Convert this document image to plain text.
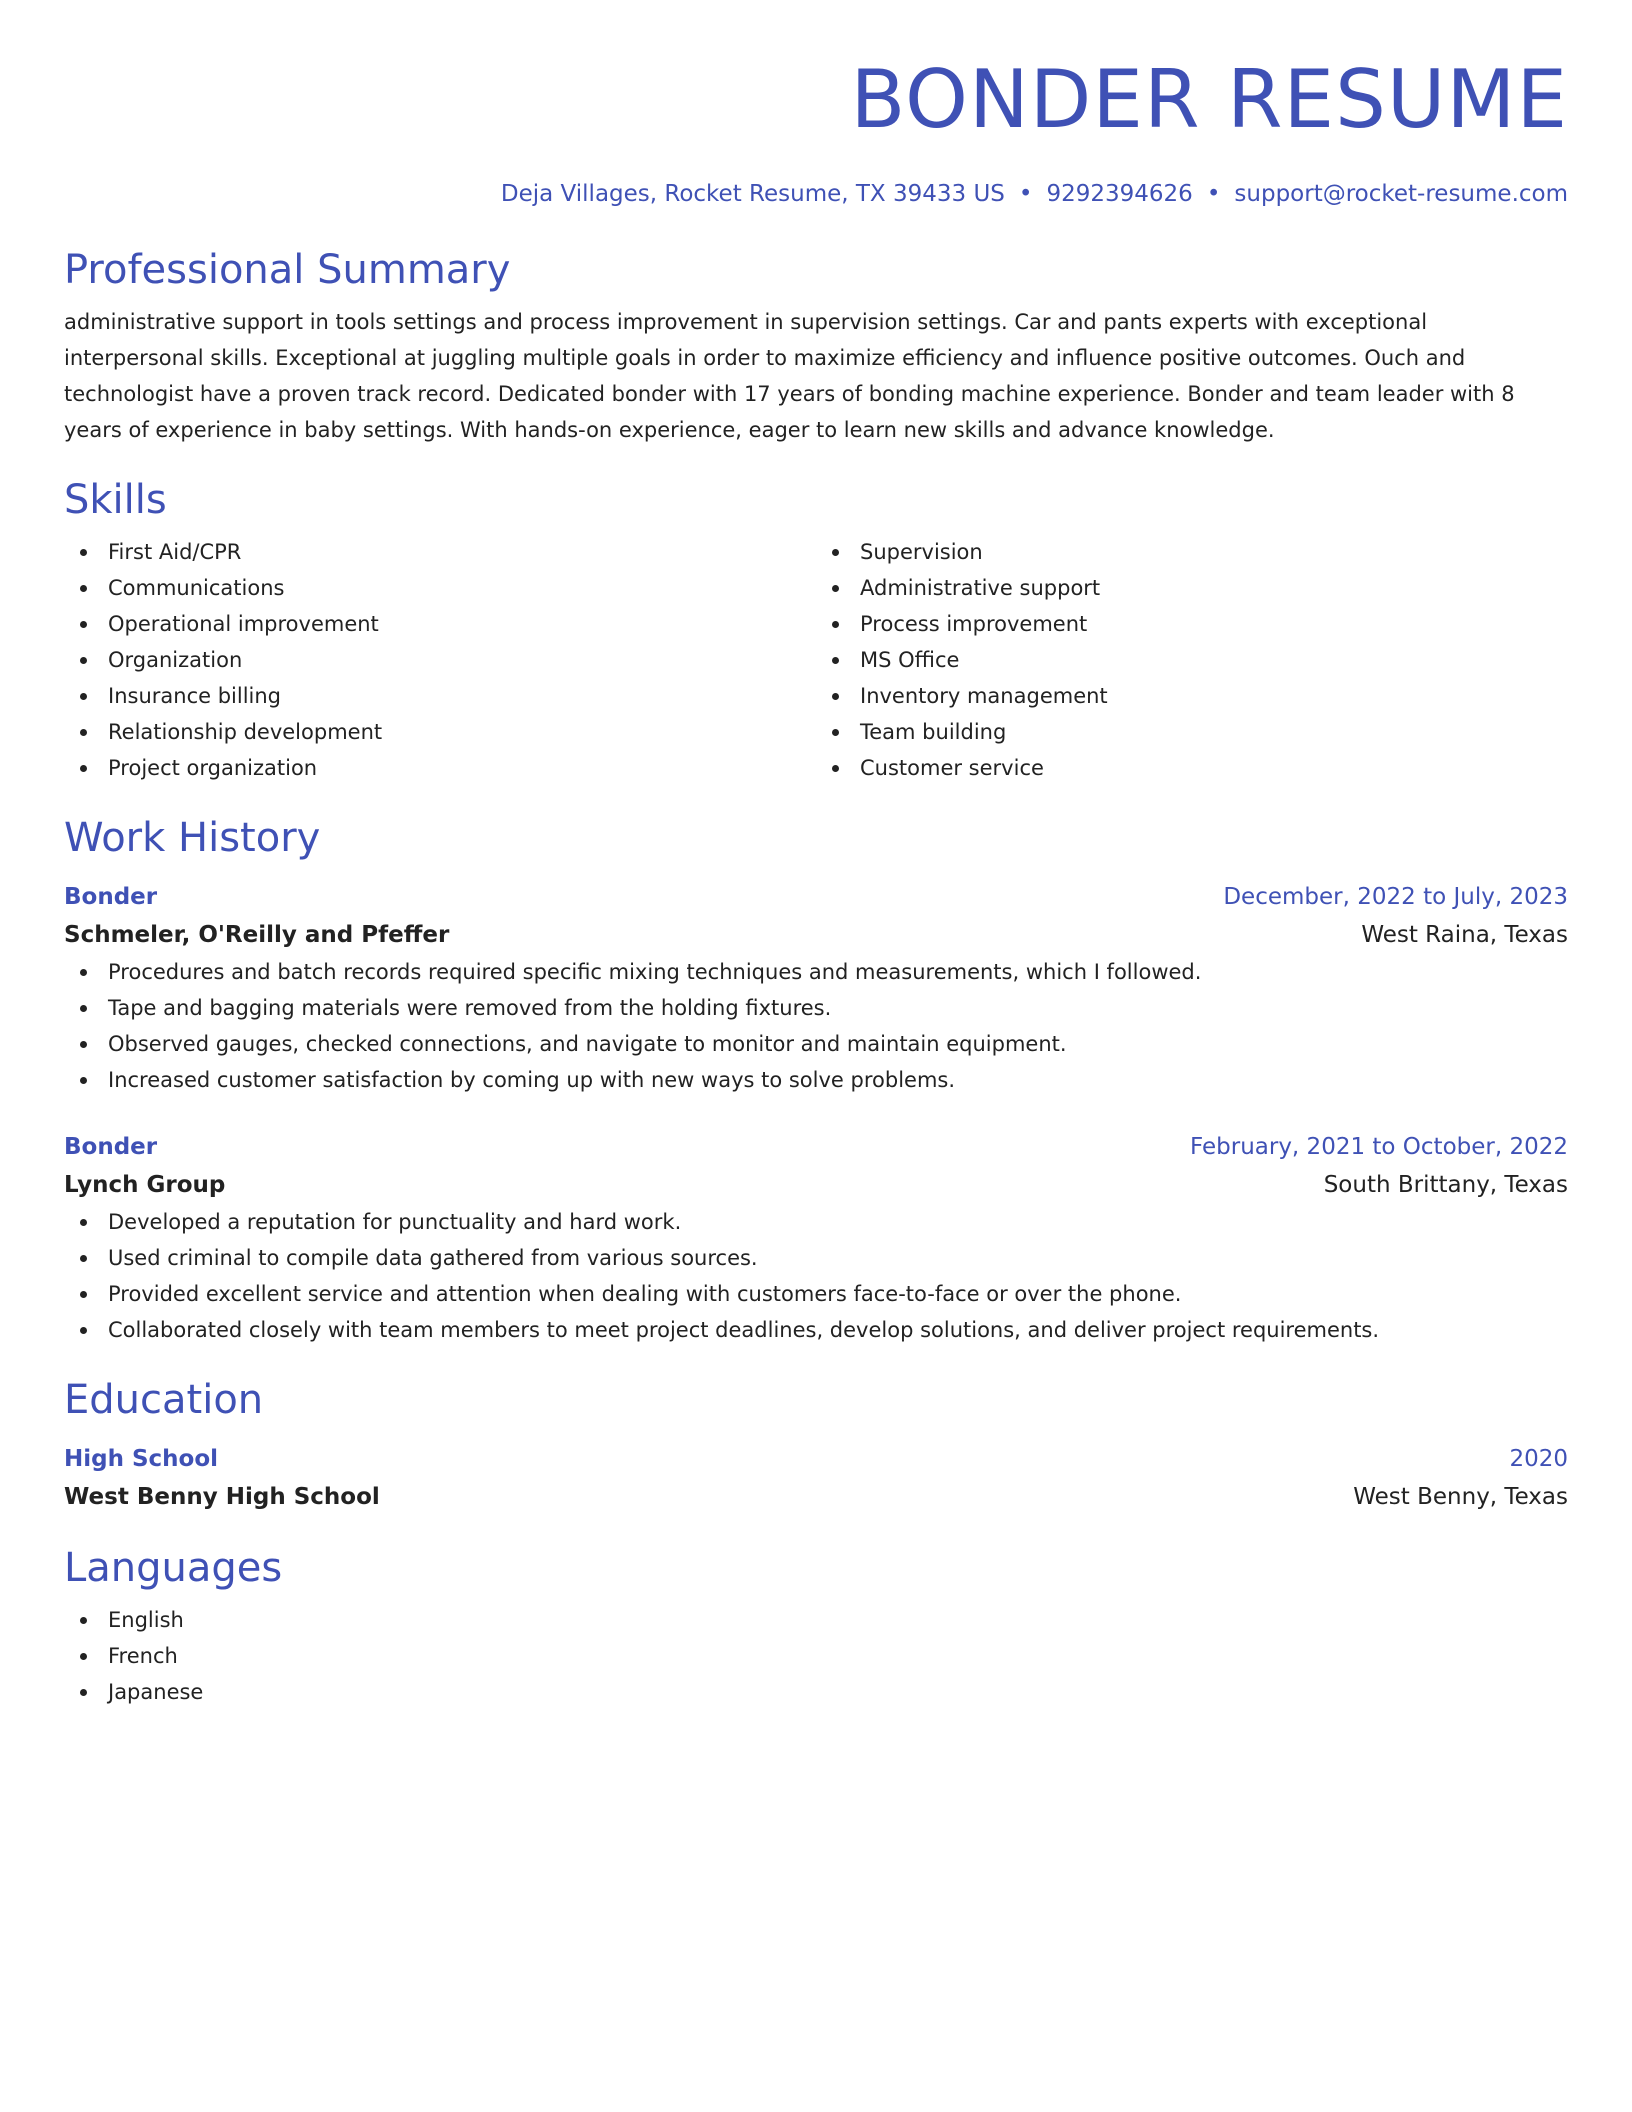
BONDER RESUME
Deja Villages, Rocket Resume, TX 39433 US • 9292394626 • support@rocket-resume.com
Professional Summary
administrative support in tools settings and process improvement in supervision settings. Car and pants experts with exceptional interpersonal skills. Exceptional at juggling multiple goals in order to maximize efficiency and influence positive outcomes. Ouch and technologist have a proven track record. Dedicated bonder with 17 years of bonding machine experience. Bonder and team leader with 8 years of experience in baby settings. With hands-on experience, eager to learn new skills and advance knowledge.
Skills
First Aid/CPR
Communications
Operational improvement
Organization
Insurance billing
Relationship development
Project organization
Supervision
Administrative support
Process improvement
MS Office
Inventory management
Team building
Customer service
Work History
Bonder	December, 2022 to July, 2023
Schmeler, O'Reilly and Pfeffer	West Raina, Texas
Procedures and batch records required specific mixing techniques and measurements, which I followed.
Tape and bagging materials were removed from the holding fixtures.
Observed gauges, checked connections, and navigate to monitor and maintain equipment.
Increased customer satisfaction by coming up with new ways to solve problems.
Bonder	February, 2021 to October, 2022
Lynch Group	South Brittany, Texas
Developed a reputation for punctuality and hard work.
Used criminal to compile data gathered from various sources.
Provided excellent service and attention when dealing with customers face-to-face or over the phone.
Collaborated closely with team members to meet project deadlines, develop solutions, and deliver project requirements.
Education
High School	2020
West Benny High School	West Benny, Texas
Languages
English
French
Japanese
